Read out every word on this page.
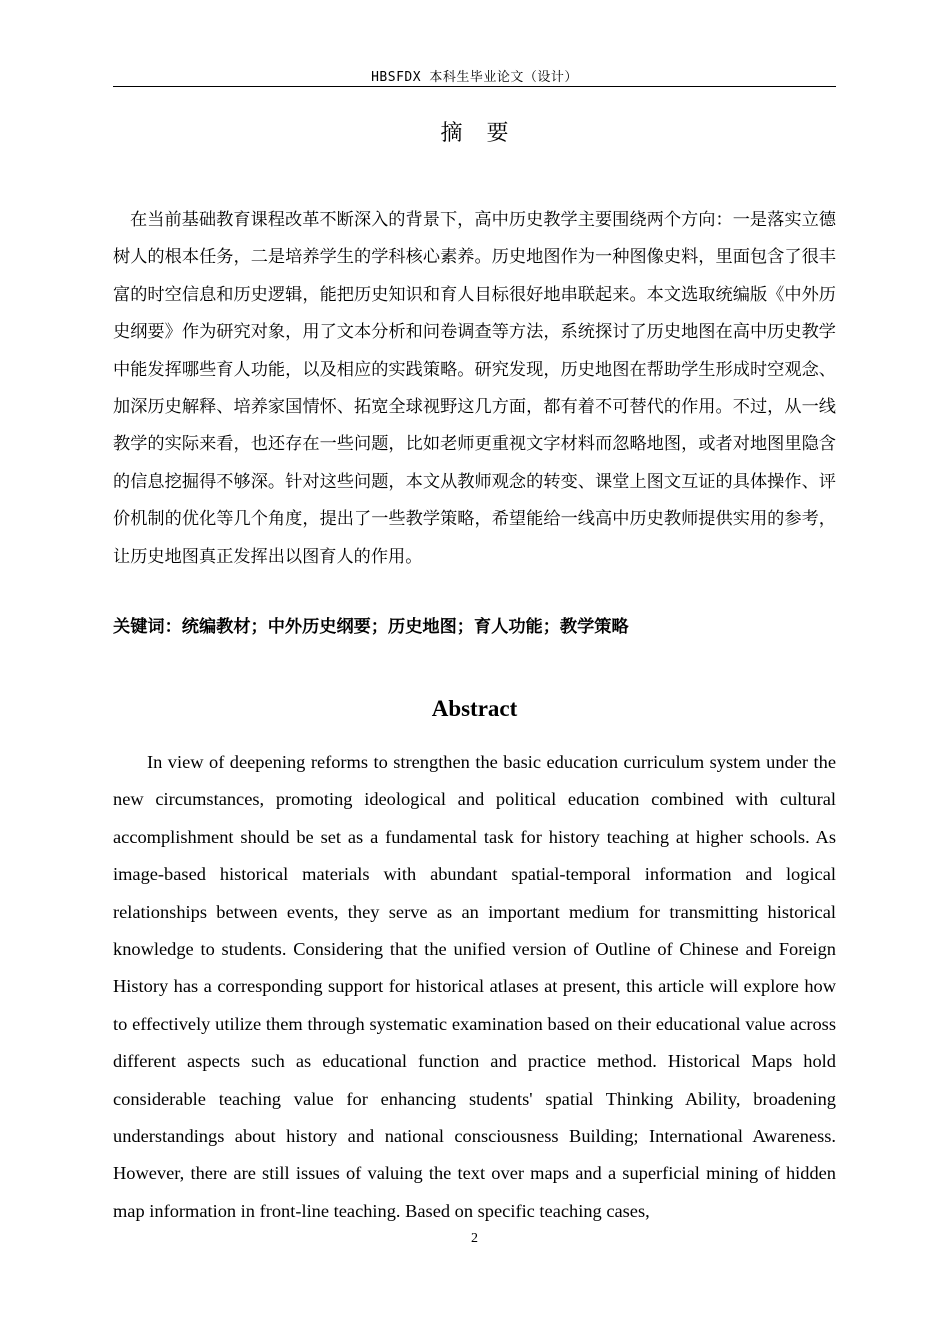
HBSFDX 本科生毕业论文（设计）
摘要

在当前基础教育课程改革不断深入的背景下，高中历史教学主要围绕两个方向：一是落实立德树人的根本任务，二是培养学生的学科核心素养。历史地图作为一种图像史料，里面包含了很丰富的时空信息和历史逻辑，能把历史知识和育人目标很好地串联起来。本文选取统编版《中外历史纲要》作为研究对象，用了文本分析和问卷调查等方法，系统探讨了历史地图在高中历史教学中能发挥哪些育人功能，以及相应的实践策略。研究发现，历史地图在帮助学生形成时空观念、加深历史解释、培养家国情怀、拓宽全球视野这几方面，都有着不可替代的作用。不过，从一线教学的实际来看，也还存在一些问题，比如老师更重视文字材料而忽略地图，或者对地图里隐含的信息挖掘得不够深。针对这些问题，本文从教师观念的转变、课堂上图文互证的具体操作、评价机制的优化等几个角度，提出了一些教学策略，希望能给一线高中历史教师提供实用的参考，让历史地图真正发挥出以图育人的作用。

关键词：统编教材；中外历史纲要；历史地图；育人功能；教学策略
Abstract

In view of deepening reforms to strengthen the basic education curriculum system under the new circumstances, promoting ideological and political education combined with cultural accomplishment should be set as a fundamental task for history teaching at higher schools. As image-based historical materials with abundant spatial-temporal information and logical relationships between events, they serve as an important medium for transmitting historical knowledge to students. Considering that the unified version of Outline of Chinese and Foreign History has a corresponding support for historical atlases at present, this article will explore how to effectively utilize them through systematic examination based on their educational value across different aspects such as educational function and practice method. Historical Maps hold considerable teaching value for enhancing students' spatial Thinking Ability, broadening understandings about history and national consciousness Building; International Awareness. However, there are still issues of valuing the text over maps and a superficial mining of hidden map information in front-line teaching. Based on specific teaching cases,

2
